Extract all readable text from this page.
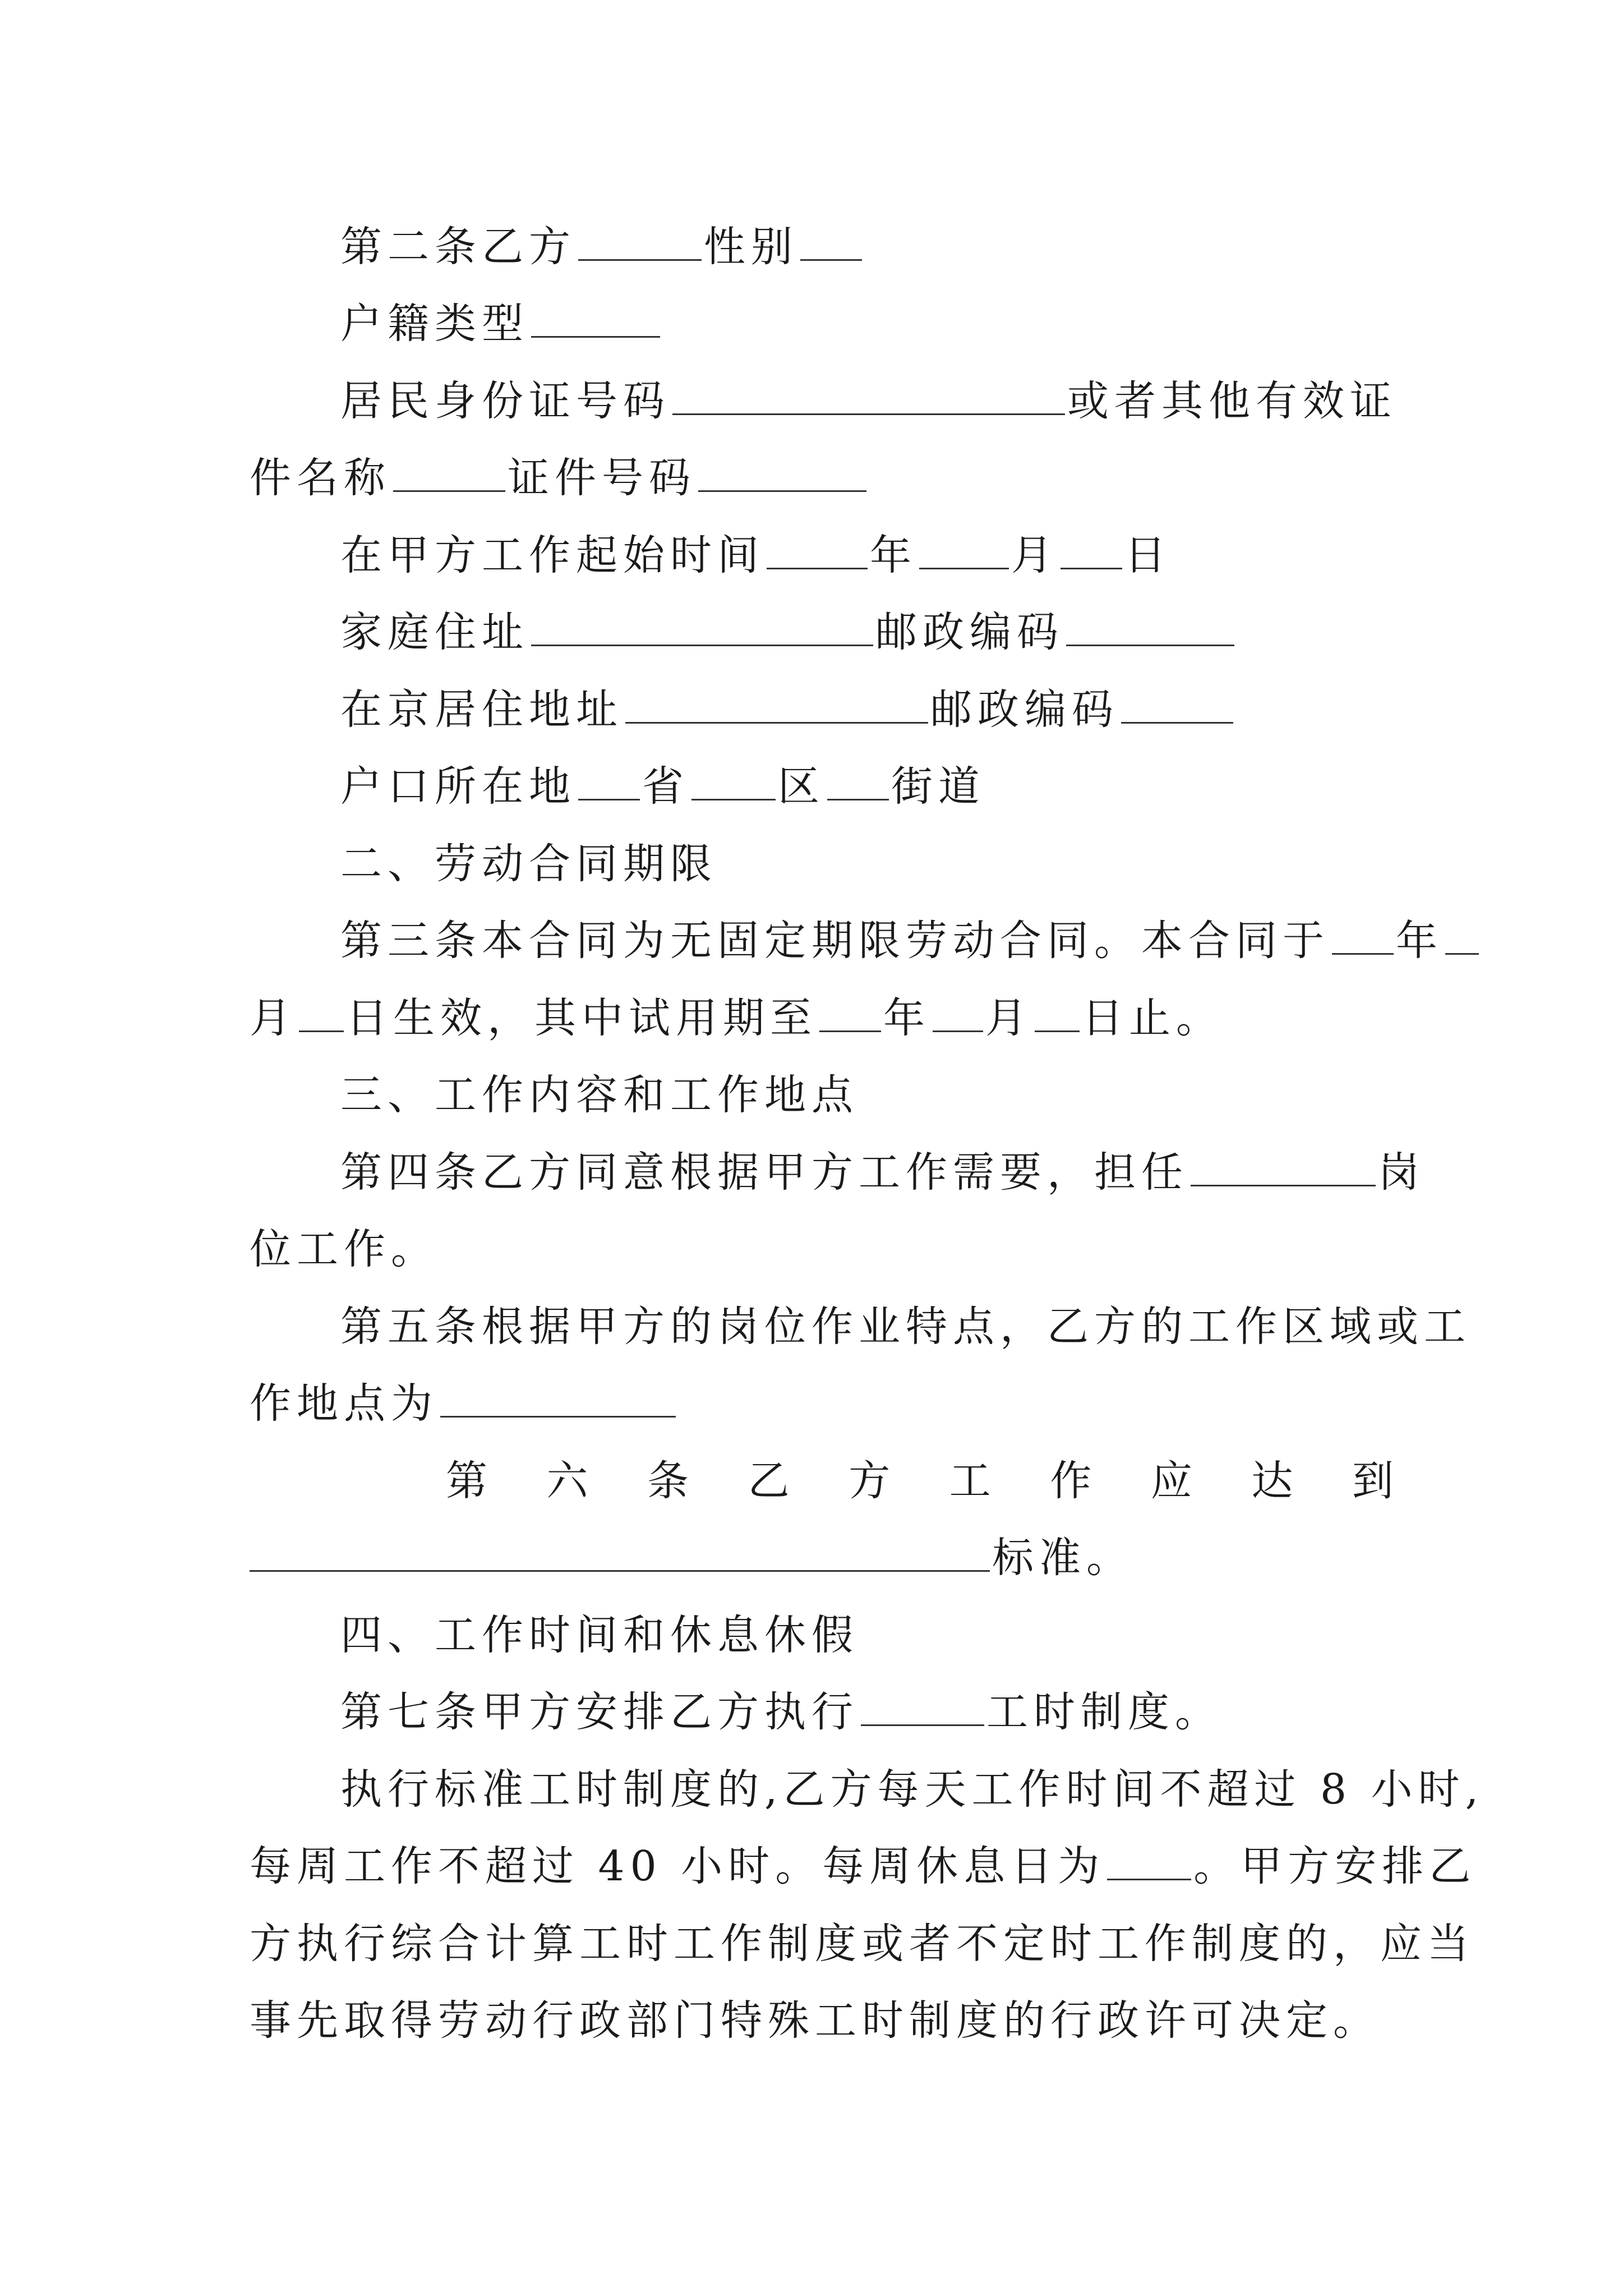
第二条乙方	性别
户籍类型
居民身份证号码	或者其他有效证
件名称	证件号码
在甲方工作起始时间	年 月 日
家庭住址	邮政编码
在京居住地址	邮政编码
户口所在地 省 区 街道
二、劳动合同期限
第三条本合同为无固定期限劳动合同。本合同于 年
月 日生效，其中试用期至 年 月 日止。
三、工作内容和工作地点
第四条乙方同意根据甲方工作需要，担任	岗
位工作。
第五条根据甲方的岗位作业特点，乙方的工作区域或工
作地点为
第 六 条 乙 方 工 作 应 达 到
标准。
四、工作时间和休息休假
第七条甲方安排乙方执行	工时制度。
执行标准工时制度的,乙方每天工作时间不超过 8 小时,
每周工作不超过 40 小时。每周休息日为 。甲方安排乙
方执行综合计算工时工作制度或者不定时工作制度的，应当
事先取得劳动行政部门特殊工时制度的行政许可决定。
